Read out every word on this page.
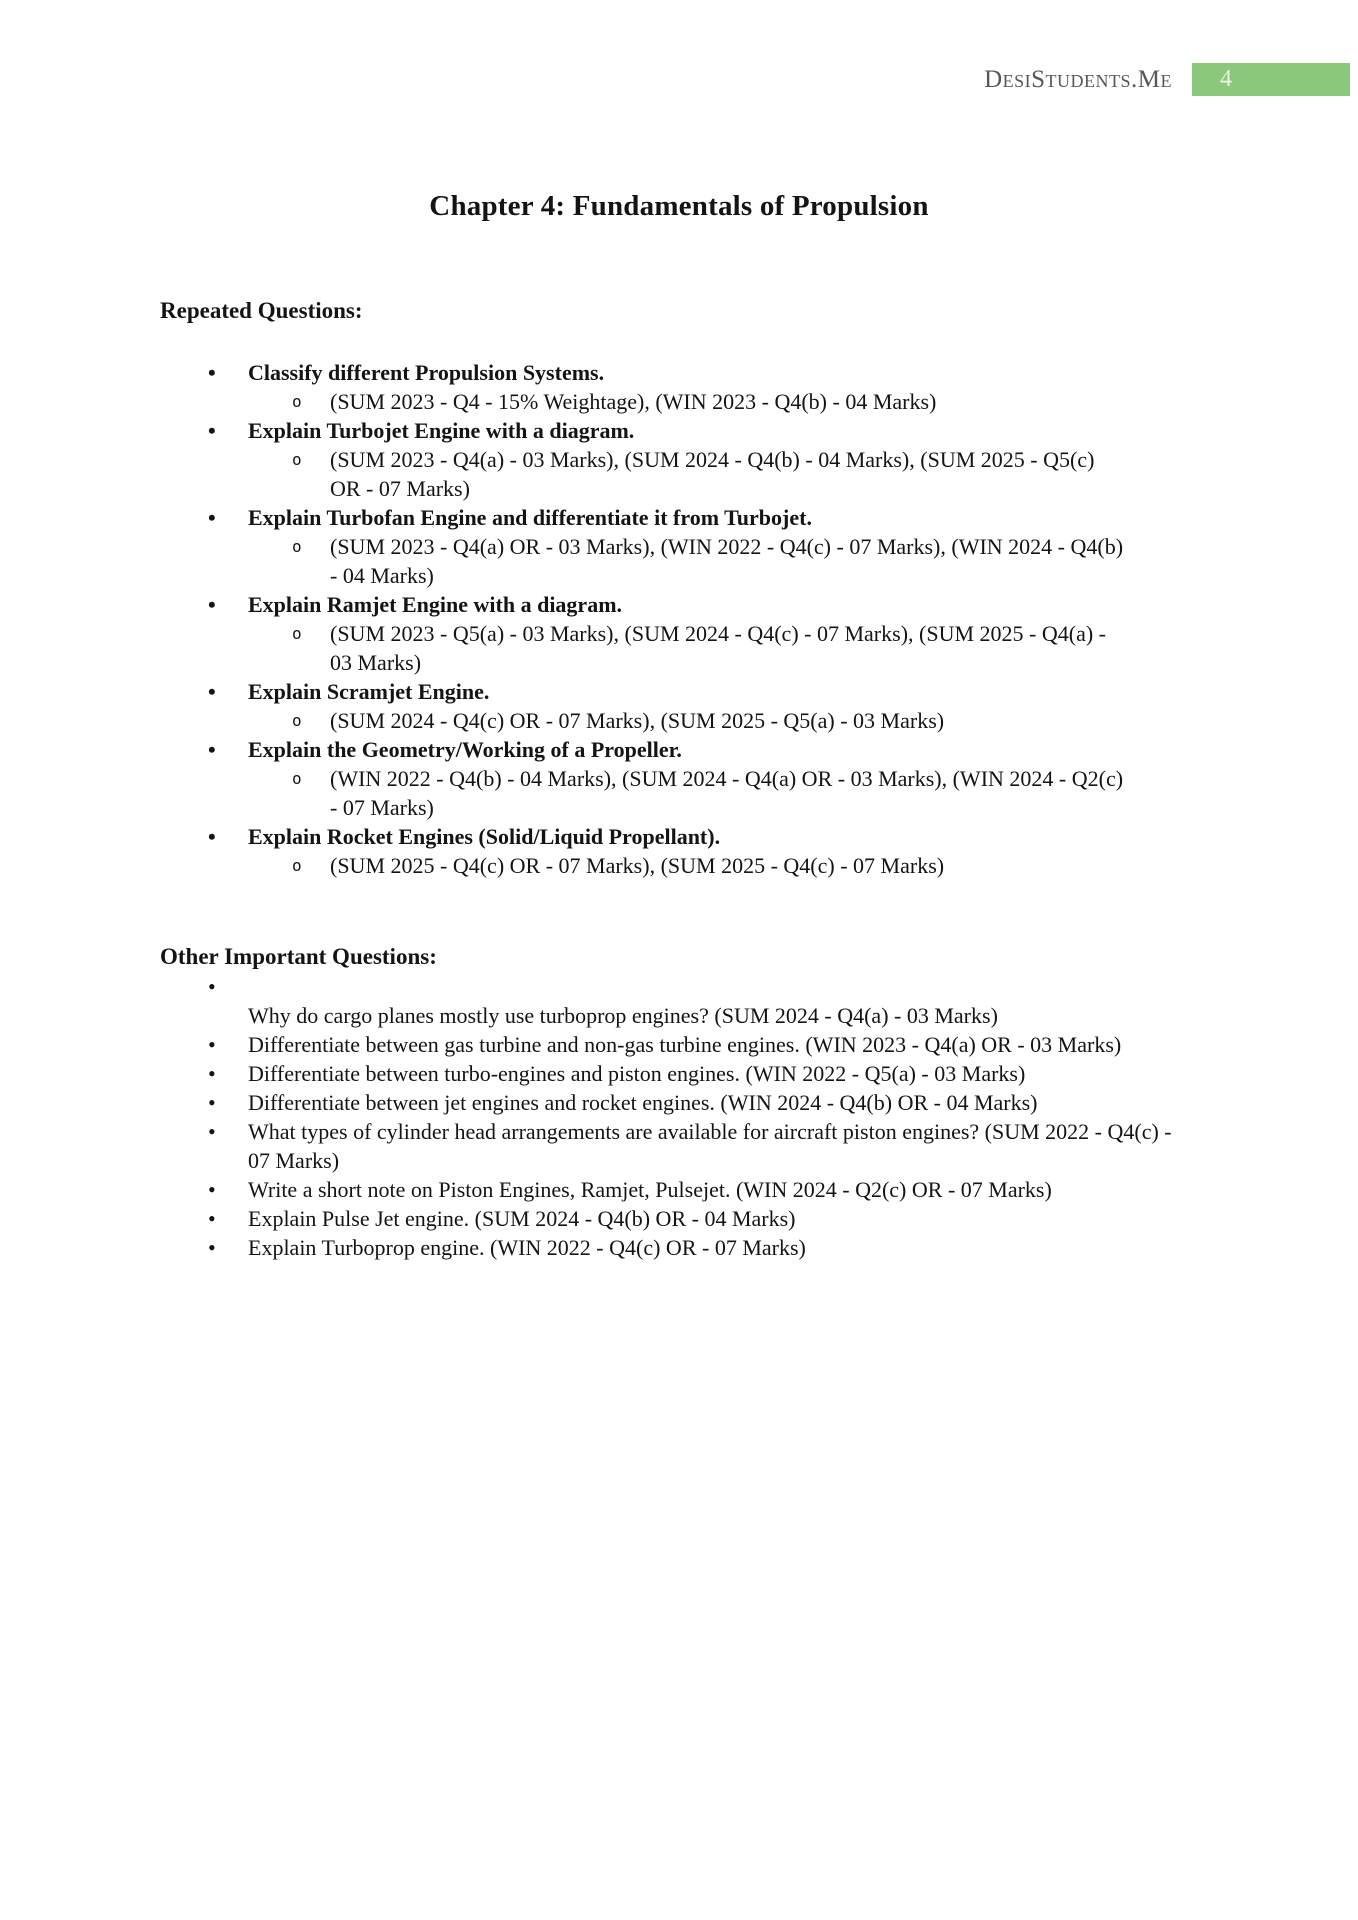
DesiStudents.Me	4
Chapter 4: Fundamentals of Propulsion
Repeated Questions:
•	Classify different Propulsion Systems.
o	(SUM 2023 - Q4 - 15% Weightage), (WIN 2023 - Q4(b) - 04 Marks)
•	Explain Turbojet Engine with a diagram.
o	(SUM 2023 - Q4(a) - 03 Marks), (SUM 2024 - Q4(b) - 04 Marks), (SUM 2025 - Q5(c) OR - 07 Marks)
•	Explain Turbofan Engine and differentiate it from Turbojet.
o	(SUM 2023 - Q4(a) OR - 03 Marks), (WIN 2022 - Q4(c) - 07 Marks), (WIN 2024 - Q4(b) - 04 Marks)
•	Explain Ramjet Engine with a diagram.
o	(SUM 2023 - Q5(a) - 03 Marks), (SUM 2024 - Q4(c) - 07 Marks), (SUM 2025 - Q4(a) - 03 Marks)
•	Explain Scramjet Engine.
o	(SUM 2024 - Q4(c) OR - 07 Marks), (SUM 2025 - Q5(a) - 03 Marks)
•	Explain the Geometry/Working of a Propeller.
o	(WIN 2022 - Q4(b) - 04 Marks), (SUM 2024 - Q4(a) OR - 03 Marks), (WIN 2024 - Q2(c) - 07 Marks)
•	Explain Rocket Engines (Solid/Liquid Propellant).
o	(SUM 2025 - Q4(c) OR - 07 Marks), (SUM 2025 - Q4(c) - 07 Marks)
Other Important Questions:
•
Why do cargo planes mostly use turboprop engines? (SUM 2024 - Q4(a) - 03 Marks)
•	Differentiate between gas turbine and non-gas turbine engines. (WIN 2023 - Q4(a) OR - 03 Marks)
•	Differentiate between turbo-engines and piston engines. (WIN 2022 - Q5(a) - 03 Marks)
•	Differentiate between jet engines and rocket engines. (WIN 2024 - Q4(b) OR - 04 Marks)
•	What types of cylinder head arrangements are available for aircraft piston engines? (SUM 2022 - Q4(c) - 07 Marks)
•	Write a short note on Piston Engines, Ramjet, Pulsejet. (WIN 2024 - Q2(c) OR - 07 Marks)
•	Explain Pulse Jet engine. (SUM 2024 - Q4(b) OR - 04 Marks)
•	Explain Turboprop engine. (WIN 2022 - Q4(c) OR - 07 Marks)
